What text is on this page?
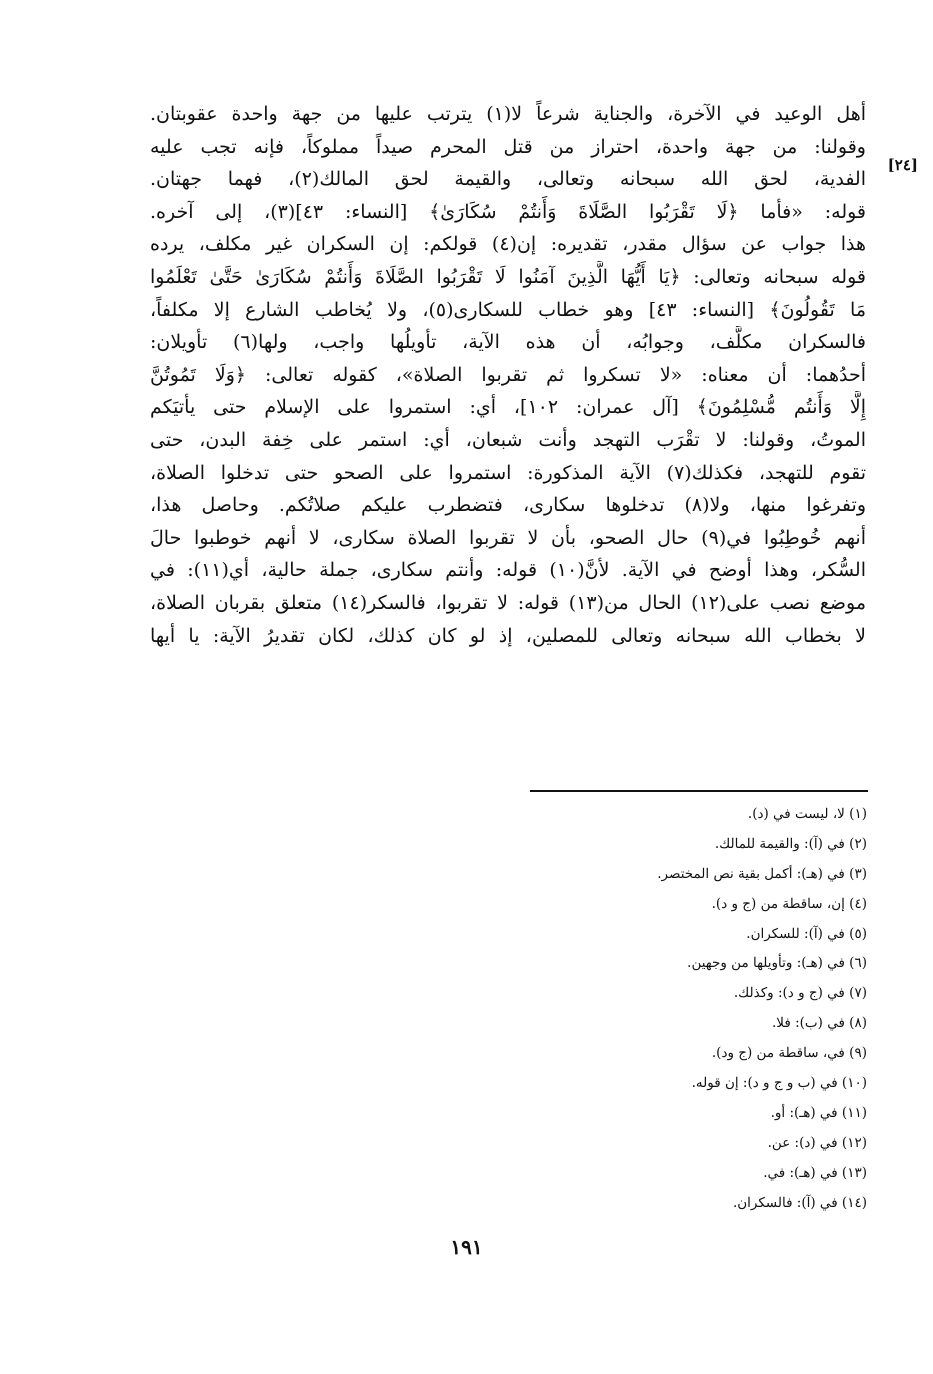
[٢٤]
أهل الوعيد في الآخرة، والجناية شرعاً لا(١) يترتب عليها من جهة واحدة عقوبتان.
وقولنا: من جهة واحدة، احتراز من قتل المحرم صيداً مملوكاً، فإنه تجب عليه
الفدية، لحق الله سبحانه وتعالى، والقيمة لحق المالك(٢)، فهما جهتان.
قوله: «فأما ﴿لَا تَقْرَبُوا الصَّلَاةَ وَأَنتُمْ سُكَارَىٰ﴾ [النساء: ٤٣](٣)، إلى آخره.
هذا جواب عن سؤال مقدر، تقديره: إن(٤) قولكم: إن السكران غير مكلف، يرده
قوله سبحانه وتعالى: ﴿يَا أَيُّهَا الَّذِينَ آمَنُوا لَا تَقْرَبُوا الصَّلَاةَ وَأَنتُمْ سُكَارَىٰ حَتَّىٰ تَعْلَمُوا
مَا تَقُولُونَ﴾ [النساء: ٤٣] وهو خطاب للسكارى(٥)، ولا يُخاطب الشارع إلا مكلفاً،
فالسكران مكلَّف، وجوابُه، أن هذه الآية، تأويلُها واجب، ولها(٦) تأويلان:
أحدُهما: أن معناه: «لا تسكروا ثم تقربوا الصلاة»، كقوله تعالى: ﴿وَلَا تَمُوتُنَّ
إِلَّا وَأَنتُم مُّسْلِمُونَ﴾ [آل عمران: ١٠٢]، أي: استمروا على الإسلام حتى يأتيَكم
الموتُ، وقولنا: لا تقْرَب التهجد وأنت شبعان، أي: استمر على خِفة البدن، حتى
تقوم للتهجد، فكذلك(٧) الآية المذكورة: استمروا على الصحو حتى تدخلوا الصلاة،
وتفرغوا منها، ولا(٨) تدخلوها سكارى، فتضطرب عليكم صلاتُكم. وحاصل هذا،
أنهم خُوطِبُوا في(٩) حال الصحو، بأن لا تقربوا الصلاة سكارى، لا أنهم خوطبوا حالَ
السُّكر، وهذا أوضح في الآية. لأنَّ(١٠) قوله: وأنتم سكارى، جملة حالية، أي(١١): في
موضع نصب على(١٢) الحال من(١٣) قوله: لا تقربوا، فالسكر(١٤) متعلق بقربان الصلاة،
لا بخطاب الله سبحانه وتعالى للمصلين، إذ لو كان كذلك، لكان تقديرُ الآية: يا أيها
(١) لا، ليست في (د).
(٢) في (آ): والقيمة للمالك.
(٣) في (هـ): أكمل بقية نص المختصر.
(٤) إن، ساقطة من (ج و د).
(٥) في (آ): للسكران.
(٦) في (هـ): وتأويلها من وجهين.
(٧) في (ج و د): وكذلك.
(٨) في (ب): فلا.
(٩) في، ساقطة من (ج ود).
(١٠) في (ب و ج و د): إن قوله.
(١١) في (هـ): أو.
(١٢) في (د): عن.
(١٣) في (هـ): في.
(١٤) في (آ): فالسكران.
١٩١
